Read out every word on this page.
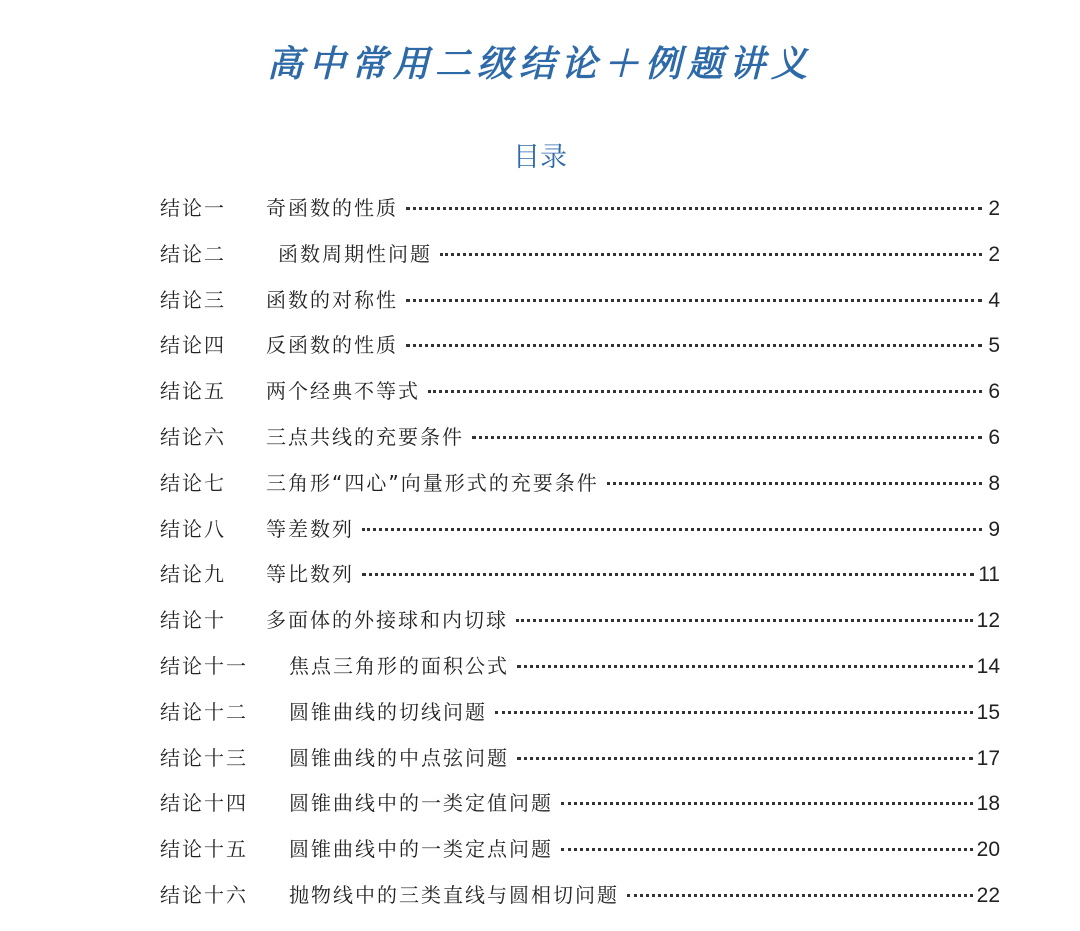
高中常用二级结论＋例题讲义
目录
结论一	奇函数的性质	2
结论二	函数周期性问题	2
结论三	函数的对称性	4
结论四	反函数的性质	5
结论五	两个经典不等式	6
结论六	三点共线的充要条件	6
结论七	三角形“四心”向量形式的充要条件	8
结论八	等差数列	9
结论九	等比数列	11
结论十	多面体的外接球和内切球	12
结论十一	焦点三角形的面积公式	14
结论十二	圆锥曲线的切线问题	15
结论十三	圆锥曲线的中点弦问题	17
结论十四	圆锥曲线中的一类定值问题	18
结论十五	圆锥曲线中的一类定点问题	20
结论十六	抛物线中的三类直线与圆相切问题	22
